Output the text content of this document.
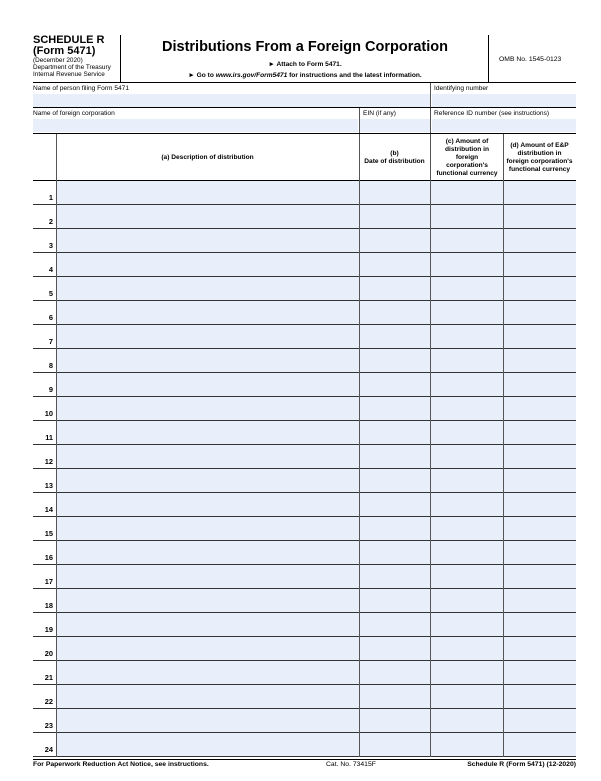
SCHEDULE R
(Form 5471)
(December 2020)
Department of the Treasury
Internal Revenue Service
Distributions From a Foreign Corporation
► Attach to Form 5471.
► Go to www.irs.gov/Form5471 for instructions and the latest information.
OMB No. 1545-0123
Name of person filing Form 5471	Identifying number
Name of foreign corporation	EIN (if any)	Reference ID number (see instructions)
(a) Description of distribution
(b)
Date of distribution
(c) Amount of distribution in foreign corporation's functional currency
(d) Amount of E&P distribution in foreign corporation's functional currency
1
2
3
4
5
6
7
8
9
10
11
12
13
14
15
16
17
18
19
20
21
22
23
24
For Paperwork Reduction Act Notice, see instructions.	Cat. No. 73415F	Schedule R (Form 5471) (12-2020)
